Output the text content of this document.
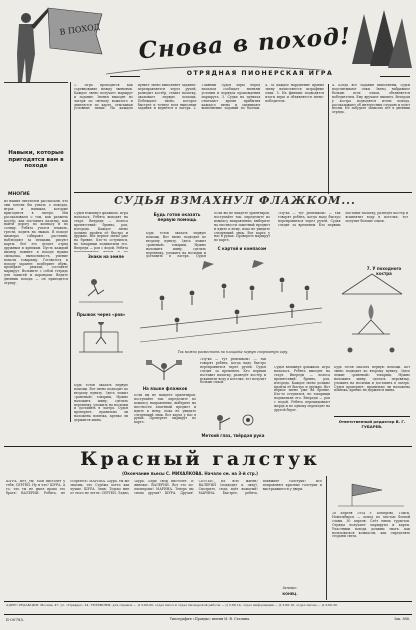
В ПОХОД	Снова в поход!
ОТРЯДНАЯ ПИОНЕРСКАЯ ИГРА
Навыки, которые пригодятся вам в походе
МНОГИЕ
из наших читателей рассказали, что они хотели бы узнать о походах, играх и навыках, которые пригодятся в лагере. Мы рассказываем о том, как разжечь костёр, как поставить палатку, как найти дорогу по компасу и по солнцу. Ребята учатся плавать, грести, ходить на лыжах. В походе пионеры собирают растения, наблюдают за птицами, рисуют карты. Всё это делает отряд дружным и крепким. Пусть каждый пионер помнит: в походе нужна смекалка, выносливость, умение помочь товарищу. Готовьтесь к походу заранее: подберите обувь, проверьте рюкзак, составьте маршрут. Возьмите с собой тетрадь для записей и карандаш. Ведите дневник похода — он пригодится отряду.
1. Игра проводится как соревнование между звеньями. Каждое звено получает маршрут и задание. Звенья выходят из лагеря по сигналу вожатого и двигаются по карте, отыскивая условные знаки. На каждом пункте звено выполняет задание: переправляется через ручей, разводит костёр, ставит палатку, оказывает первую помощь. Побеждает звено, которое быстрее и точнее всех выполнит задания и вернётся в лагерь. 2. Главный судья игры перед началом сообщает звеньям условия и порядок прохождения маршрута. 3. Судьи на пунктах отмечают время прибытия каждого звена и оценивают выполнение заданий по баллам. 4. За каждое нарушение правил звену начисляются штрафные очки. 5. На финише подводятся итоги игры и объявляется звено-победитель.
4. Когда все задания выполнены, судьи подсчитывают очки. Звено, набравшее больше всех очков, объявляется победителем. Ему вручают вымпел. Вечером у костра подводятся итоги похода, рассказывают об интересных случаях и поют песни. Не забудьте записать всё в дневник отряда.
СУДЬЯ ВЗМАХНУЛ ФЛАЖКОМ...
Судья взмахнул флажком. Игра началась. Ребята выходят на старт. Впереди — полоса препятствий: бревно, ров, изгородь. Каждое звено должно пройти её быстро и дружно. Вот первое звено уже на бревне. Кто-то оступился, но товарищи подхватили его. Впереди — ров с водой. Ребята
Знаки на земле
Будь готов оказать первую помощь
Будь готов оказать первую помощь. Вот звено подходит ко второму пункту. Здесь лежит «раненый» товарищ. Нужно наложить шину, сделать перевязку, уложить на носилки и доставить в лагерь. Судья
Если вы не найдёте ориентиров, поступайте так: определите по компасу направление, выберите на местности заметный предмет и идите к нему, пока не увидите следующий знак. Вот карта у нас в руках. Проверьте маршрут по карте.
С картой и компасом
«Ну-ка — тут ремешком» — так говорят ребята, когда надо быстро переправиться через ручей. Судья следит за временем. Кто первым поставит палатку, разведёт костёр и вскипятит воду в котелке, тот получит больше очков.
Прыжок через «ров»
Будь готов оказать первую помощь. Вот звено подходит ко второму пункту. Здесь лежит «раненый» товарищ. Нужно наложить шину, сделать перевязку, уложить на носилки и доставить в лагерь. Судья проверяет, правильно ли наложена повязка, крепко ли держится шина.
Так можно разместить на площадке первую спортивную игру.
На языке флажков
Если вы не найдёте ориентиров, поступайте так: определите по компасу направление, выберите на местности заметный предмет и идите к нему, пока не увидите следующий знак. Вот карта у нас в руках. Проверьте маршрут по карте.
«Ну-ка — тут ремешком» — так говорят ребята, когда надо быстро переправиться через ручей. Судья следит за временем. Кто первым поставит палатку, разведёт костёр и вскипятит воду в котелке, тот получит больше очков.
Меткий глаз, твёрдая рука
7. У походного костра
Судья взмахнул флажком. Игра началась. Ребята выходят на старт. Впереди — полоса препятствий: бревно, ров, изгородь. Каждое звено должно пройти её быстро и дружно. Вот первое звено уже на бревне. Кто-то оступился, но товарищи подхватили его. Впереди — ров с водой. Ребята перекидывают жердь и по одному переходят на другой берег.
Будь готов оказать первую помощь. Вот звено подходит ко второму пункту. Здесь лежит «раненый» товарищ. Нужно наложить шину, сделать перевязку, уложить на носилки и доставить в лагерь. Судья проверяет, правильно ли наложена повязка, крепко ли держится шина.
Ответственный редактор В. Г. ГУБАРЕВ.
Красный галстук
(Окончание пьесы С. МИХАЛКОВА. Начало см. на 3-й стр.)
ШУРА. Нет, ты! Мой пистолет у тебя. СЕРГЕЙ. Ну и что? ШУРА. А то, что ты не имел права его брать! ВАЛЕРИЙ. Ребята, не ссорьтесь! МАРИНА. Шура, ты же знаешь, что Серёжа хотел как лучше. ШУРА. Знаю. Только мне от этого не легче. СЕРГЕЙ. Ладно, Шура. Бери свой пистолет. Я виноват. ВАЛЕРИЙ. Вот это по-пионерски! МАРИНА. Теперь вы снова друзья? ШУРА. Друзья! СЕРГЕЙ. На всю жизнь! ВАЛЕРИЙ (подходит к окну). Смотрите, сюда идёт вожатый! МАРИНА. Быстрее, ребята, повяжите галстуки! Все поправляют красные галстуки и выстраиваются у двери.
Занавес.
КОНЕЦ.
28 апреля 1954 г. Кемерово, Томск, Новосибирск — поход по местам боевой славы. 30 апреля. Слёт юных туристов. Отряды получают маршруты и карты. Участники похода должны знать: как пользоваться компасом, как определять стороны света.
АДРЕС РЕДАКЦИИ: Москва, 47, ул. «Правды», 24. ТЕЛЕФОНЫ: для справок — Д 3-60-00, отдел школ и отдел пионерской работы — Д 3-60-14, отдел информации — Д 3-60-16, отдел писем — Д 3-60-20.
Б-00785.	Типография «Правды» имени И. В. Сталина.	Зак. 888.
